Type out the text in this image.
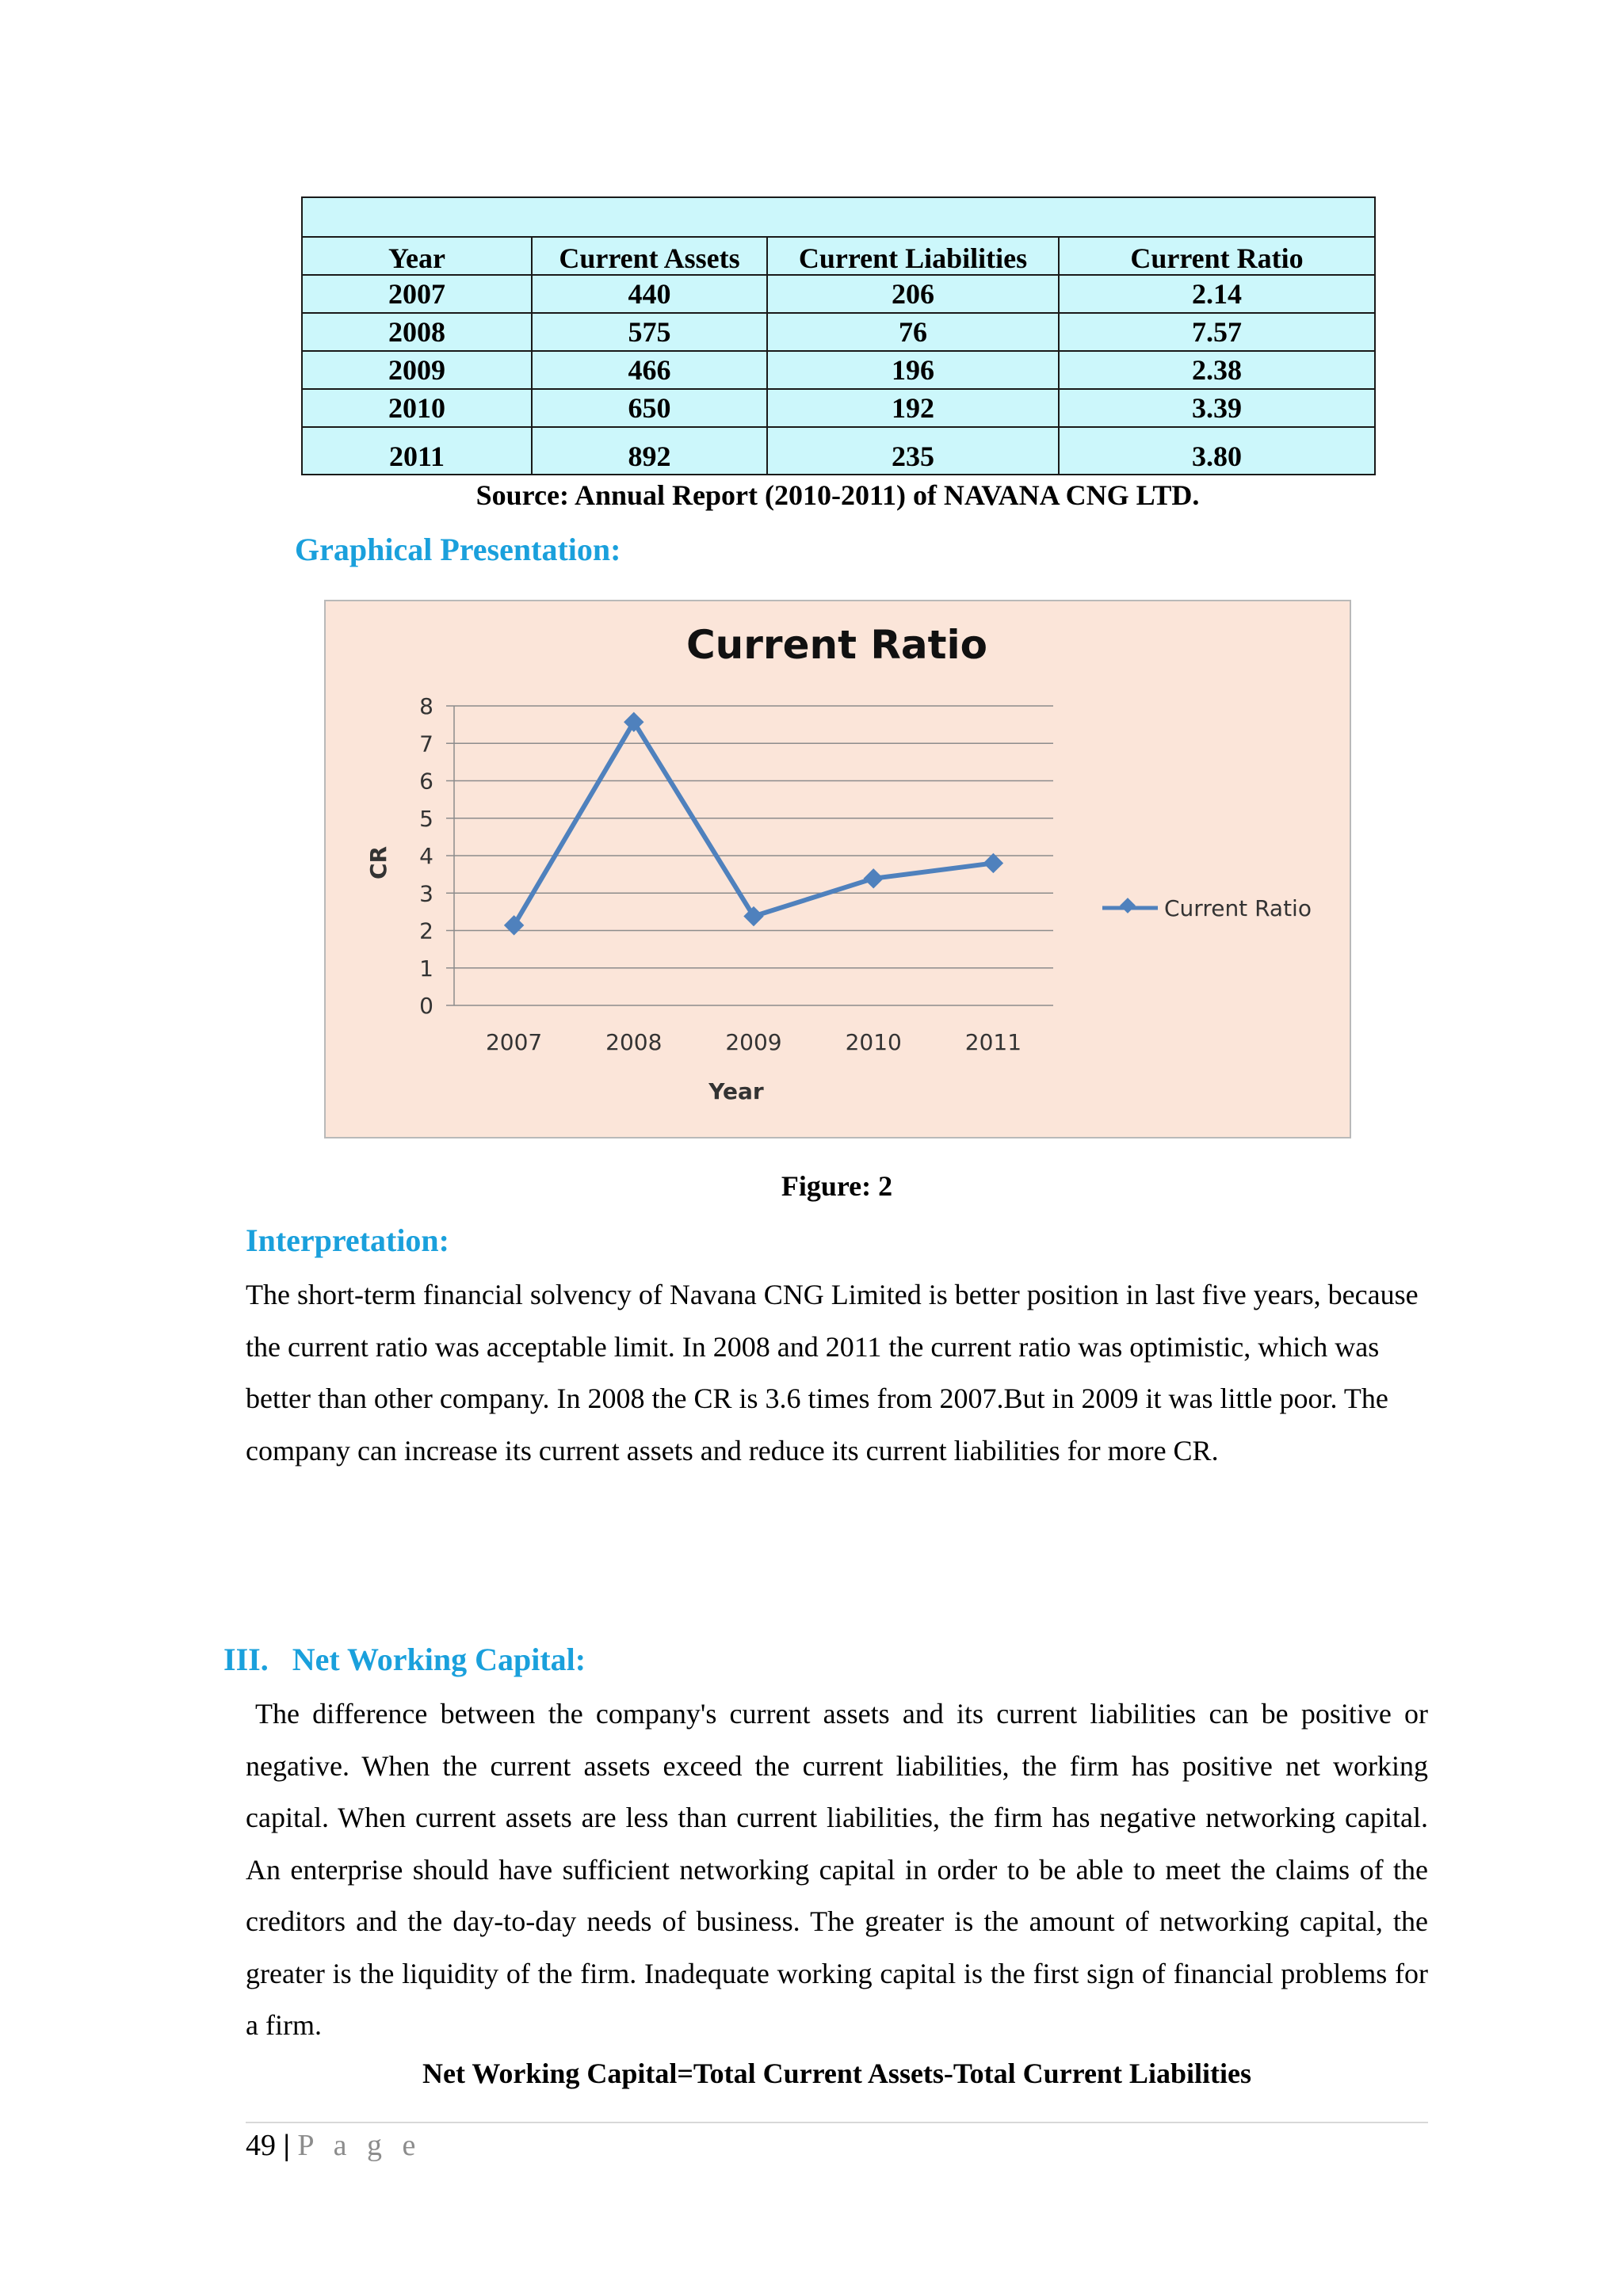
Year	Current Assets	Current Liabilities	Current Ratio
2007	440	206	2.14
2008	575	76	7.57
2009	466	196	2.38
2010	650	192	3.39
2011	892	235	3.80
Source: Annual Report (2010-2011) of NAVANA CNG LTD.
Graphical Presentation:
Current Ratio
0
1
2
3
4
5
6
7
8
2007	2008	2009	2010	2011
Year
CR
Current Ratio
Figure: 2
Interpretation:
The short-term financial solvency of Navana CNG Limited is better position in last five years, because the current ratio was acceptable limit. In 2008 and 2011 the current ratio was optimistic, which was better than other company. In 2008 the CR is 3.6 times from 2007.But in 2009 it was little poor. The company can increase its current assets and reduce its current liabilities for more CR.
III. Net Working Capital:
The difference between the company's current assets and its current liabilities can be positive or negative. When the current assets exceed the current liabilities, the firm has positive net working capital. When current assets are less than current liabilities, the firm has negative networking capital. An enterprise should have sufficient networking capital in order to be able to meet the claims of the creditors and the day-to-day needs of business. The greater is the amount of networking capital, the greater is the liquidity of the firm. Inadequate working capital is the first sign of financial problems for a firm.
Net Working Capital=Total Current Assets-Total Current Liabilities
49 | P a g e
